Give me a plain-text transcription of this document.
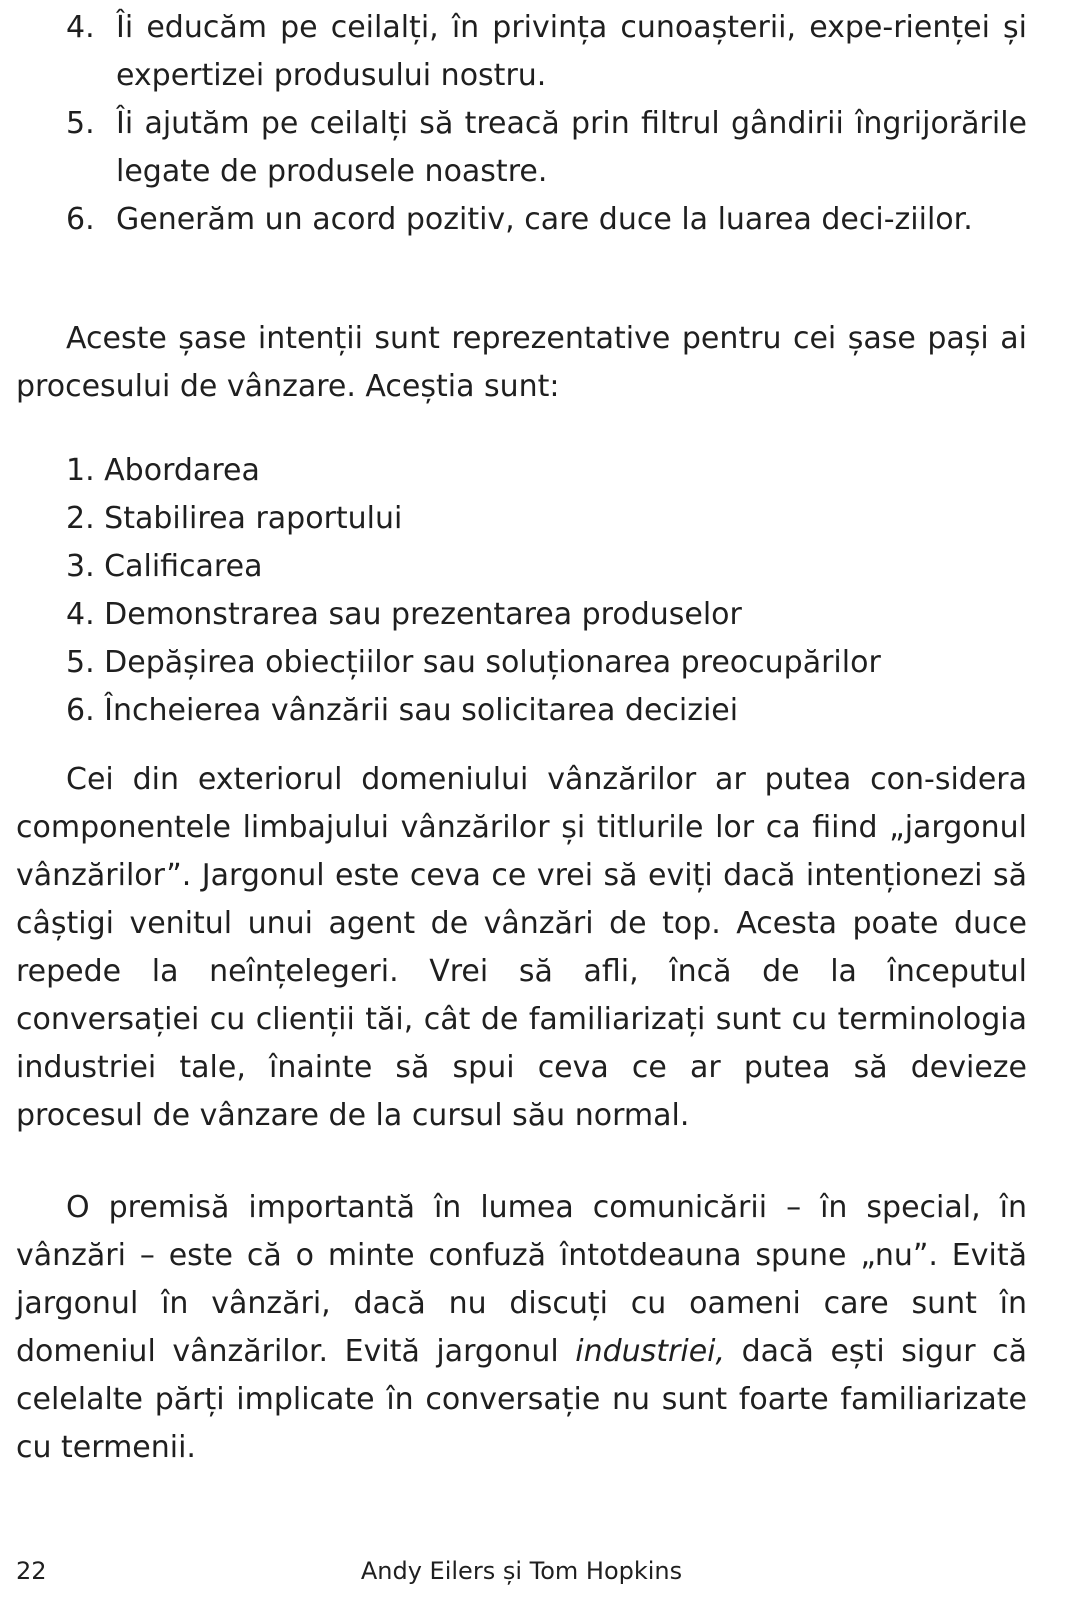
4. Îi educăm pe ceilalți, în privința cunoașterii, expe-rienței și expertizei produsului nostru.
5. Îi ajutăm pe ceilalți să treacă prin filtrul gândirii îngrijorările legate de produsele noastre.
6. Generăm un acord pozitiv, care duce la luarea deci-ziilor.

Aceste șase intenții sunt reprezentative pentru cei șase pași ai procesului de vânzare. Aceștia sunt:

1. Abordarea
2. Stabilirea raportului
3. Calificarea
4. Demonstrarea sau prezentarea produselor
5. Depășirea obiecțiilor sau soluționarea preocupărilor
6. Încheierea vânzării sau solicitarea deciziei

Cei din exteriorul domeniului vânzărilor ar putea con-sidera componentele limbajului vânzărilor și titlurile lor ca fiind „jargonul vânzărilor”. Jargonul este ceva ce vrei să eviți dacă intenționezi să câștigi venitul unui agent de vânzări de top. Acesta poate duce repede la neînțelegeri. Vrei să afli, încă de la începutul conversației cu clienții tăi, cât de familiarizați sunt cu terminologia industriei tale, înainte să spui ceva ce ar putea să devieze procesul de vânzare de la cursul său normal.

O premisă importantă în lumea comunicării – în special, în vânzări – este că o minte confuză întotdeauna spune „nu”. Evită jargonul în vânzări, dacă nu discuți cu oameni care sunt în domeniul vânzărilor. Evită jargonul industriei, dacă ești sigur că celelalte părți implicate în conversație nu sunt foarte familiarizate cu termenii.

22	Andy Eilers și Tom Hopkins
